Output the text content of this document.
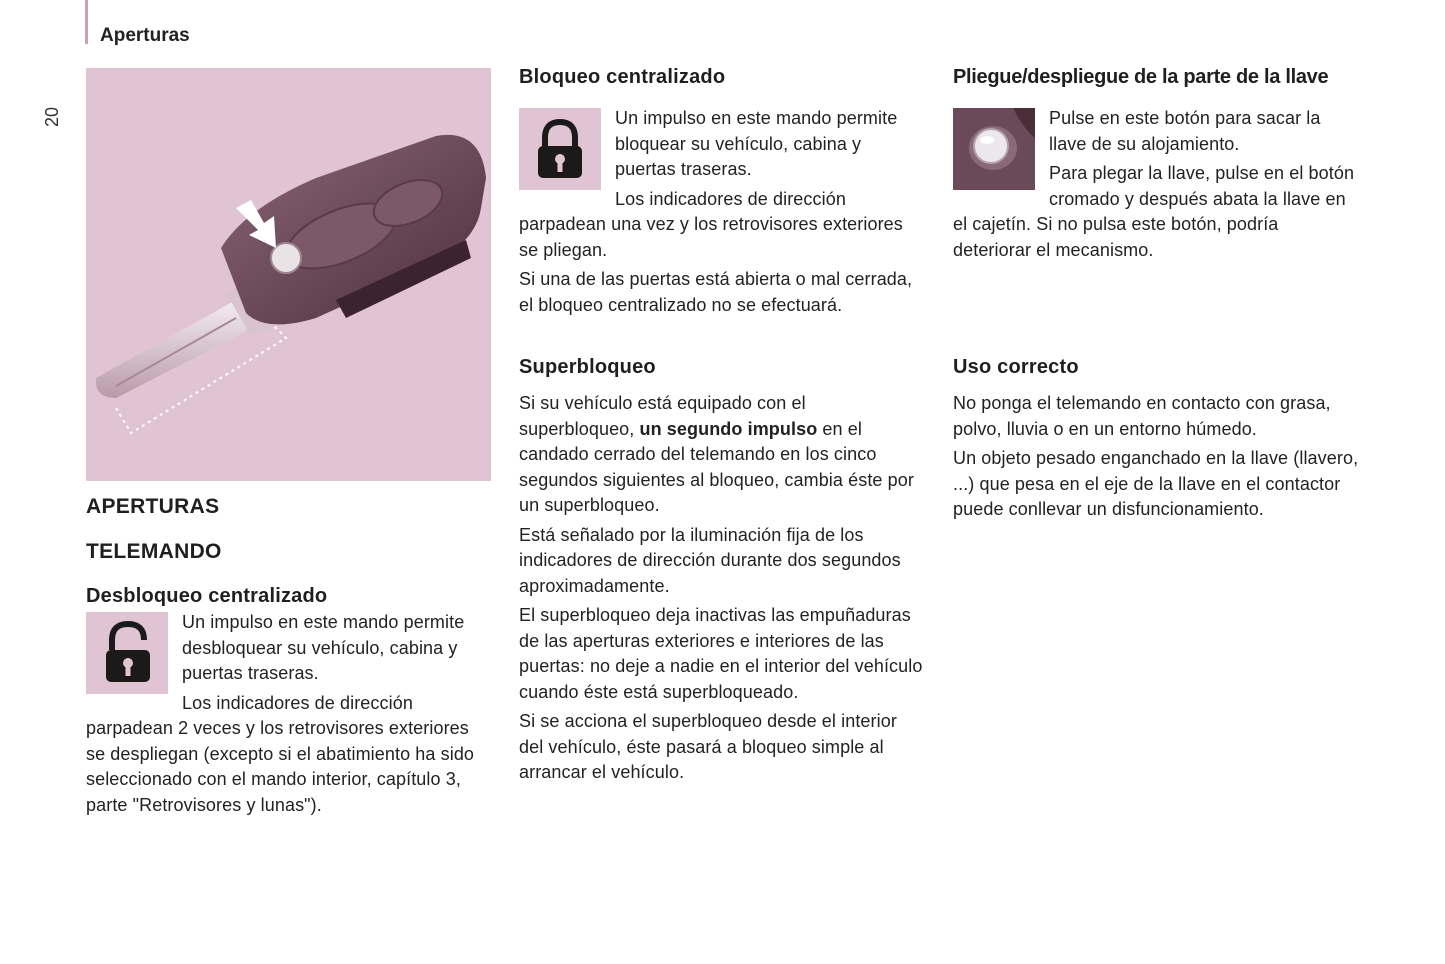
Aperturas
20
APERTURAS
TELEMANDO
Desbloqueo centralizado

Un impulso en este mando permite desbloquear su vehículo, cabina y puertas traseras.

Los indicadores de dirección parpadean 2 veces y los retrovisores exteriores se despliegan (excepto si el abatimiento ha sido seleccionado con el mando interior, capítulo 3, parte "Retrovisores y lunas").

Bloqueo centralizado

Un impulso en este mando permite bloquear su vehículo, cabina y puertas traseras.

Los indicadores de dirección parpadean una vez y los retrovisores exteriores se pliegan.

Si una de las puertas está abierta o mal cerrada, el bloqueo centralizado no se efectuará.

Superbloqueo

Si su vehículo está equipado con el superbloqueo, un segundo impulso en el candado cerrado del telemando en los cinco segundos siguientes al bloqueo, cambia éste por un superbloqueo.

Está señalado por la iluminación fija de los indicadores de dirección durante dos segundos aproximadamente.

El superbloqueo deja inactivas las empuñaduras de las aperturas exteriores e interiores de las puertas: no deje a nadie en el interior del vehículo cuando éste está superbloqueado.

Si se acciona el superbloqueo desde el interior del vehículo, éste pasará a bloqueo simple al arrancar el vehículo.

Pliegue/despliegue de la parte de la llave

Pulse en este botón para sacar la llave de su alojamiento.

Para plegar la llave, pulse en el botón cromado y después abata la llave en el cajetín. Si no pulsa este botón, podría deteriorar el mecanismo.

Uso correcto

No ponga el telemando en contacto con grasa, polvo, lluvia o en un entorno húmedo.

Un objeto pesado enganchado en la llave (llavero, ...) que pesa en el eje de la llave en el contactor puede conllevar un disfuncionamiento.
